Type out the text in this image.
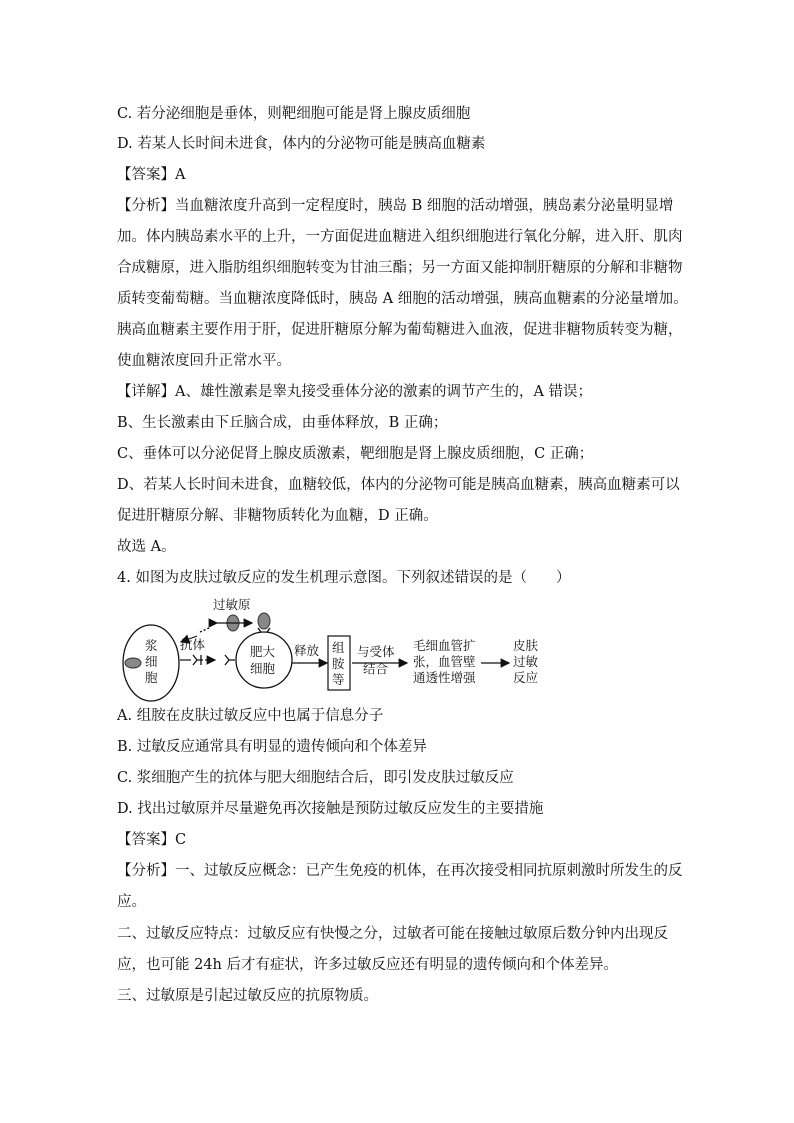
C. 若分泌细胞是垂体，则靶细胞可能是肾上腺皮质细胞
D. 若某人长时间未进食，体内的分泌物可能是胰高血糖素
【答案】A
【分析】当血糖浓度升高到一定程度时，胰岛 B 细胞的活动增强，胰岛素分泌量明显增
加。体内胰岛素水平的上升，一方面促进血糖进入组织细胞进行氧化分解，进入肝、肌肉
合成糖原，进入脂肪组织细胞转变为甘油三酯；另一方面又能抑制肝糖原的分解和非糖物
质转变葡萄糖。当血糖浓度降低时，胰岛 A 细胞的活动增强，胰高血糖素的分泌量增加。
胰高血糖素主要作用于肝，促进肝糖原分解为葡萄糖进入血液，促进非糖物质转变为糖，
使血糖浓度回升正常水平。
【详解】A、雄性激素是睾丸接受垂体分泌的激素的调节产生的，A 错误；
B、生长激素由下丘脑合成，由垂体释放，B 正确；
C、垂体可以分泌促肾上腺皮质激素，靶细胞是肾上腺皮质细胞，C 正确；
D、若某人长时间未进食，血糖较低，体内的分泌物可能是胰高血糖素，胰高血糖素可以
促进肝糖原分解、非糖物质转化为血糖，D 正确。
故选 A。
4. 如图为皮肤过敏反应的发生机理示意图。下列叙述错误的是（　　）
过敏原
浆
细
胞
抗体	肥大
细胞
释放 组
胺
等
与受体
结合
毛细血管扩
张，血管壁
通透性增强
皮肤
过敏
反应
A. 组胺在皮肤过敏反应中也属于信息分子
B. 过敏反应通常具有明显的遗传倾向和个体差异
C. 浆细胞产生的抗体与肥大细胞结合后，即引发皮肤过敏反应
D. 找出过敏原并尽量避免再次接触是预防过敏反应发生的主要措施
【答案】C
【分析】一、过敏反应概念：已产生免疫的机体，在再次接受相同抗原刺激时所发生的反
应。
二、过敏反应特点：过敏反应有快慢之分，过敏者可能在接触过敏原后数分钟内出现反
应，也可能 24h 后才有症状，许多过敏反应还有明显的遗传倾向和个体差异。
三、过敏原是引起过敏反应的抗原物质。
